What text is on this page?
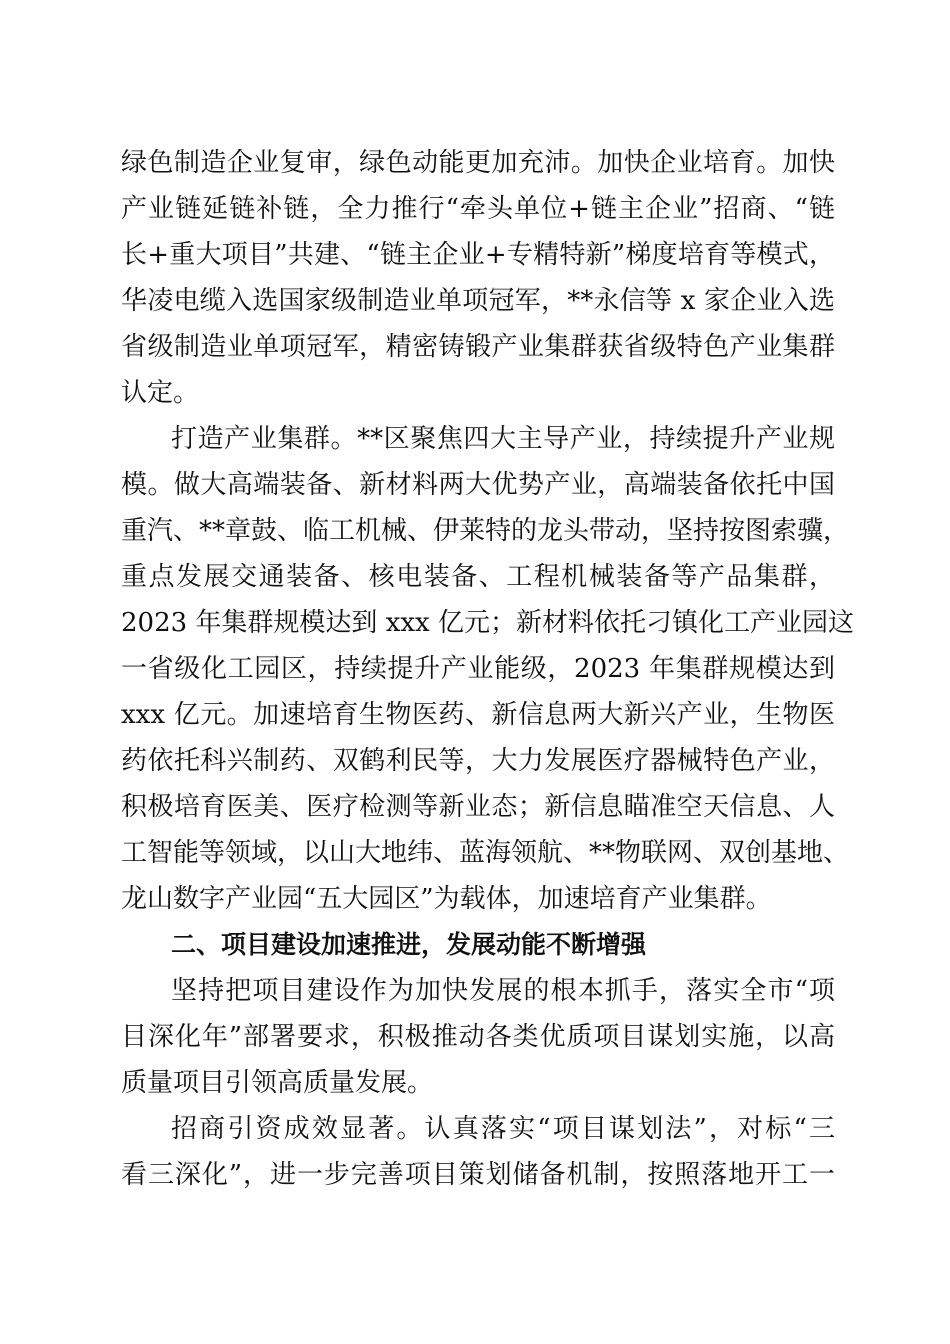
绿色制造企业复审，绿色动能更加充沛。加快企业培育。加快
产业链延链补链，全力推行“牵头单位+链主企业”招商、“链
长+重大项目”共建、“链主企业+专精特新”梯度培育等模式，
华凌电缆入选国家级制造业单项冠军，**永信等 x 家企业入选
省级制造业单项冠军，精密铸锻产业集群获省级特色产业集群
认定。
打造产业集群。**区聚焦四大主导产业，持续提升产业规
模。做大高端装备、新材料两大优势产业，高端装备依托中国
重汽、**章鼓、临工机械、伊莱特的龙头带动，坚持按图索骥，
重点发展交通装备、核电装备、工程机械装备等产品集群，
2023 年集群规模达到 xxx 亿元；新材料依托刁镇化工产业园这
一省级化工园区，持续提升产业能级，2023 年集群规模达到
xxx 亿元。加速培育生物医药、新信息两大新兴产业，生物医
药依托科兴制药、双鹤利民等，大力发展医疗器械特色产业，
积极培育医美、医疗检测等新业态；新信息瞄准空天信息、人
工智能等领域，以山大地纬、蓝海领航、**物联网、双创基地、
龙山数字产业园“五大园区”为载体，加速培育产业集群。
二、项目建设加速推进，发展动能不断增强
坚持把项目建设作为加快发展的根本抓手，落实全市“项
目深化年”部署要求，积极推动各类优质项目谋划实施，以高
质量项目引领高质量发展。
招商引资成效显著。认真落实“项目谋划法”，对标“三
看三深化”，进一步完善项目策划储备机制，按照落地开工一
